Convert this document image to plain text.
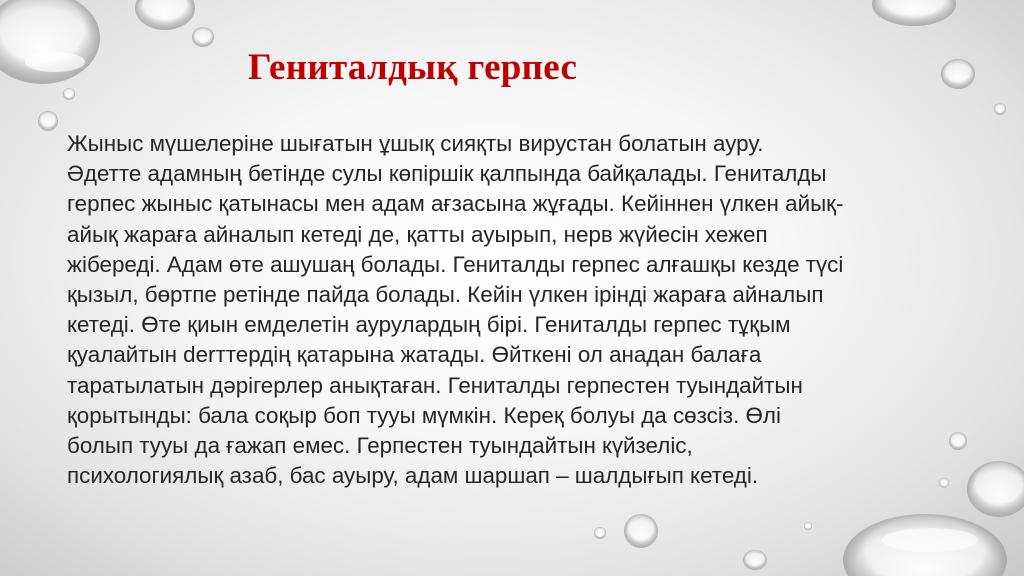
Гениталдық герпес

Жыныс мүшелеріне шығатын ұшық сияқты вирустан болатын ауру.
Әдетте адамның бетінде сулы көпіршік қалпында байқалады. Гениталды
герпес жыныс қатынасы мен адам ағзасына жұғады. Кейіннен үлкен айық-
айық жараға айналып кетеді де, қатты ауырып, нерв жүйесін хежеп
жібереді. Адам өте ашушаң болады. Гениталды герпес алғашқы кезде түсі
қызыл, бөртпе ретінде пайда болады. Кейін үлкен ірінді жараға айналып
кетеді. Өте қиын емделетін аурулардың бірі. Гениталды герпес тұқым
қуалайтын derттердің қатарына жатады. Өйткені ол анадан балаға
таратылатын дәрігерлер анықтаған. Гениталды герпестен туындайтын
қорытынды: бала соқыр боп тууы мүмкін. Кереқ болуы да сөзсіз. Өлі
болып тууы да ғажап емес. Герпестен туындайтын күйзеліс,
психологиялық азаб, бас ауыру, адам шаршап – шалдығып кетеді.
